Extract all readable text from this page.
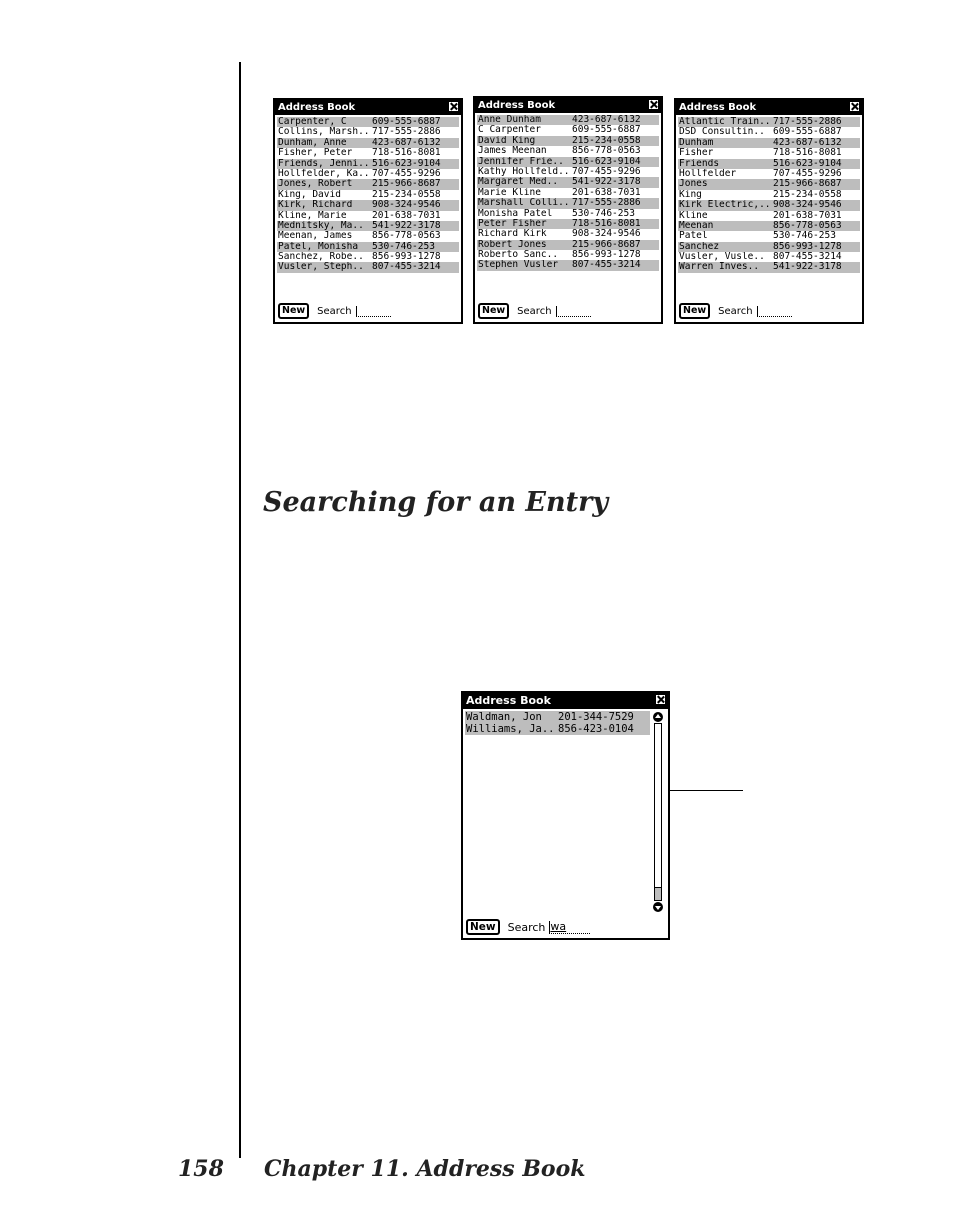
Address Book
Carpenter, C	609-555-6887
Collins, Marsh.. 717-555-2886
Dunham, Anne	423-687-6132
Fisher, Peter	718-516-8081
Friends, Jenni.. 516-623-9104
Hollfelder, Ka.. 707-455-9296
Jones, Robert	215-966-8687
King, David	215-234-0558
Kirk, Richard	908-324-9546
Kline, Marie	201-638-7031
Mednitsky, Ma.. 541-922-3178
Meenan, James	856-778-0563
Patel, Monisha	530-746-253
Sanchez, Robe.. 856-993-1278
Vusler, Steph.. 807-455-3214
New	Search
Address Book
Anne Dunham	423-687-6132
C Carpenter	609-555-6887
David King	215-234-0558
James Meenan	856-778-0563
Jennifer Frie.. 516-623-9104
Kathy Hollfeld.. 707-455-9296
Margaret Med..	541-922-3178
Marie Kline	201-638-7031
Marshall Colli.. 717-555-2886
Monisha Patel	530-746-253
Peter Fisher	718-516-8081
Richard Kirk	908-324-9546
Robert Jones	215-966-8687
Roberto Sanc..	856-993-1278
Stephen Vusler	807-455-3214
New	Search
Address Book
Atlantic Train.. 717-555-2886
DSD Consultin.. 609-555-6887
Dunham	423-687-6132
Fisher	718-516-8081
Friends	516-623-9104
Hollfelder	707-455-9296
Jones	215-966-8687
King	215-234-0558
Kirk Electric,.. 908-324-9546
Kline	201-638-7031
Meenan	856-778-0563
Patel	530-746-253
Sanchez	856-993-1278
Vusler, Vusle.. 807-455-3214
Warren Inves..	541-922-3178
New	Search
Searching for an Entry
Address Book
Waldman, Jon	201-344-7529
Williams, Ja.. 856-423-0104
New	Search wa
158 Chapter 11. Address Book
